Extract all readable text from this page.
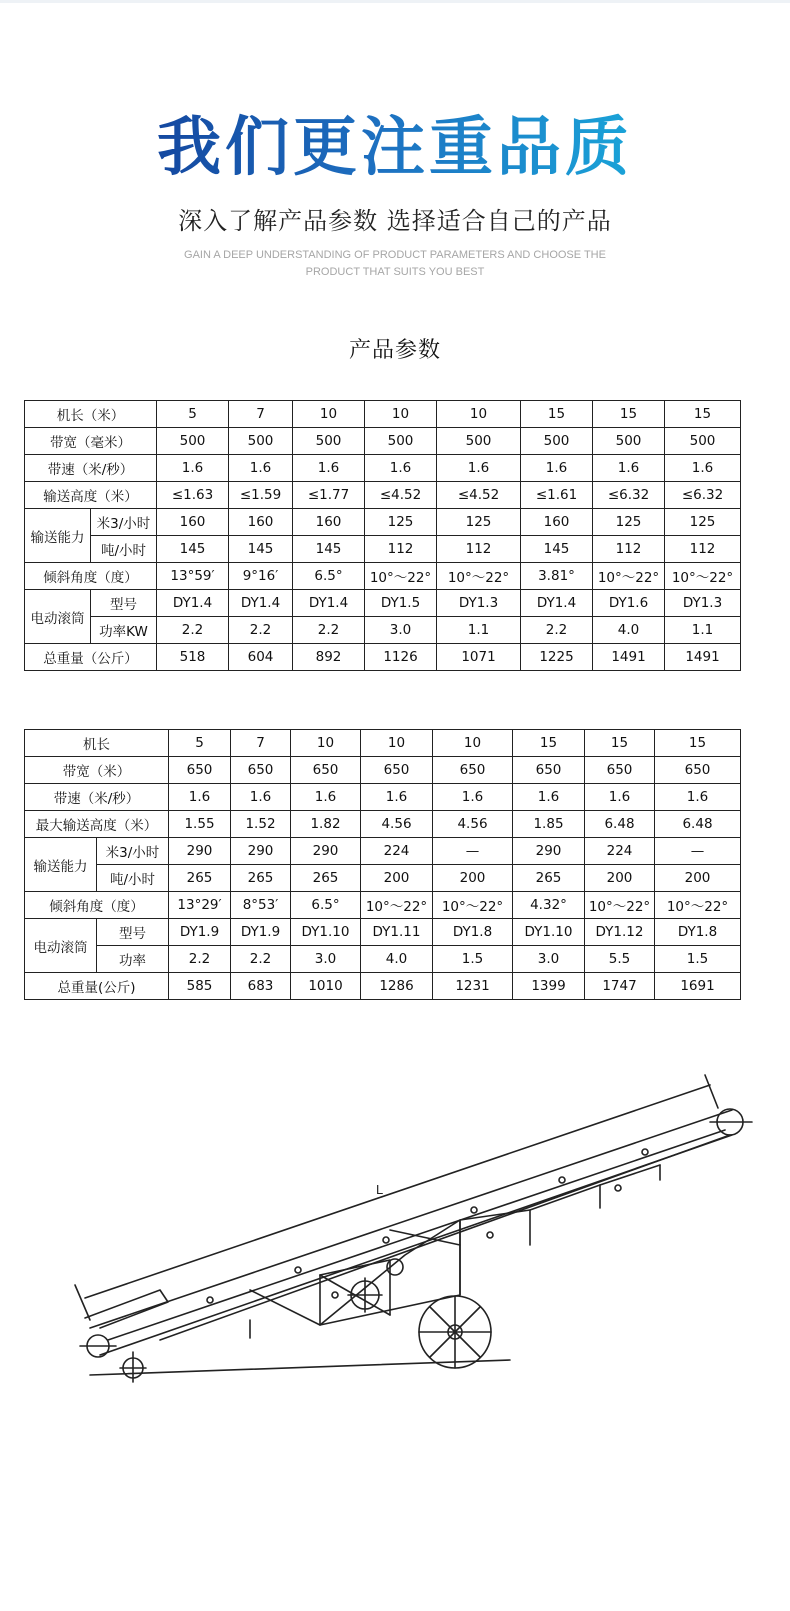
我们更注重品质
深入了解产品参数 选择适合自己的产品
GAIN A DEEP UNDERSTANDING OF PRODUCT PARAMETERS AND CHOOSE THE
PRODUCT THAT SUITS YOU BEST
产品参数
机长（米）		5	7	10	10	10	15	15	15
带宽（毫米）		500	500	500	500	500	500	500	500
带速（米/秒）		1.6	1.6	1.6	1.6	1.6	1.6	1.6	1.6
输送高度（米）		≤1.63	≤1.59	≤1.77	≤4.52	≤4.52	≤1.61	≤6.32	≤6.32
输送能力	米3/小时	160	160	160	125	125	160	125	125
	吨/小时	145	145	145	112	112	145	112	112
倾斜角度（度）		13°59′	9°16′	6.5°	10°～22°	10°～22°	3.81°	10°～22°	10°～22°
电动滚筒	型号	DY1.4	DY1.4	DY1.4	DY1.5	DY1.3	DY1.4	DY1.6	DY1.3
	功率KW	2.2	2.2	2.2	3.0	1.1	2.2	4.0	1.1
总重量（公斤）		518	604	892	1126	1071	1225	1491	1491
机长		5	7	10	10	10	15	15	15
带宽（米）		650	650	650	650	650	650	650	650
带速（米/秒）		1.6	1.6	1.6	1.6	1.6	1.6	1.6	1.6
最大输送高度（米）		1.55	1.52	1.82	4.56	4.56	1.85	6.48	6.48
输送能力	米3/小时	290	290	290	224	—	290	224	—
	吨/小时	265	265	265	200	200	265	200	200
倾斜角度（度）		13°29′	8°53′	6.5°	10°～22°	10°～22°	4.32°	10°～22°	10°～22°
电动滚筒	型号	DY1.9	DY1.9	DY1.10	DY1.11	DY1.8	DY1.10	DY1.12	DY1.8
	功率	2.2	2.2	3.0	4.0	1.5	3.0	5.5	1.5
总重量(公斤)		585	683	1010	1286	1231	1399	1747	1691
L
